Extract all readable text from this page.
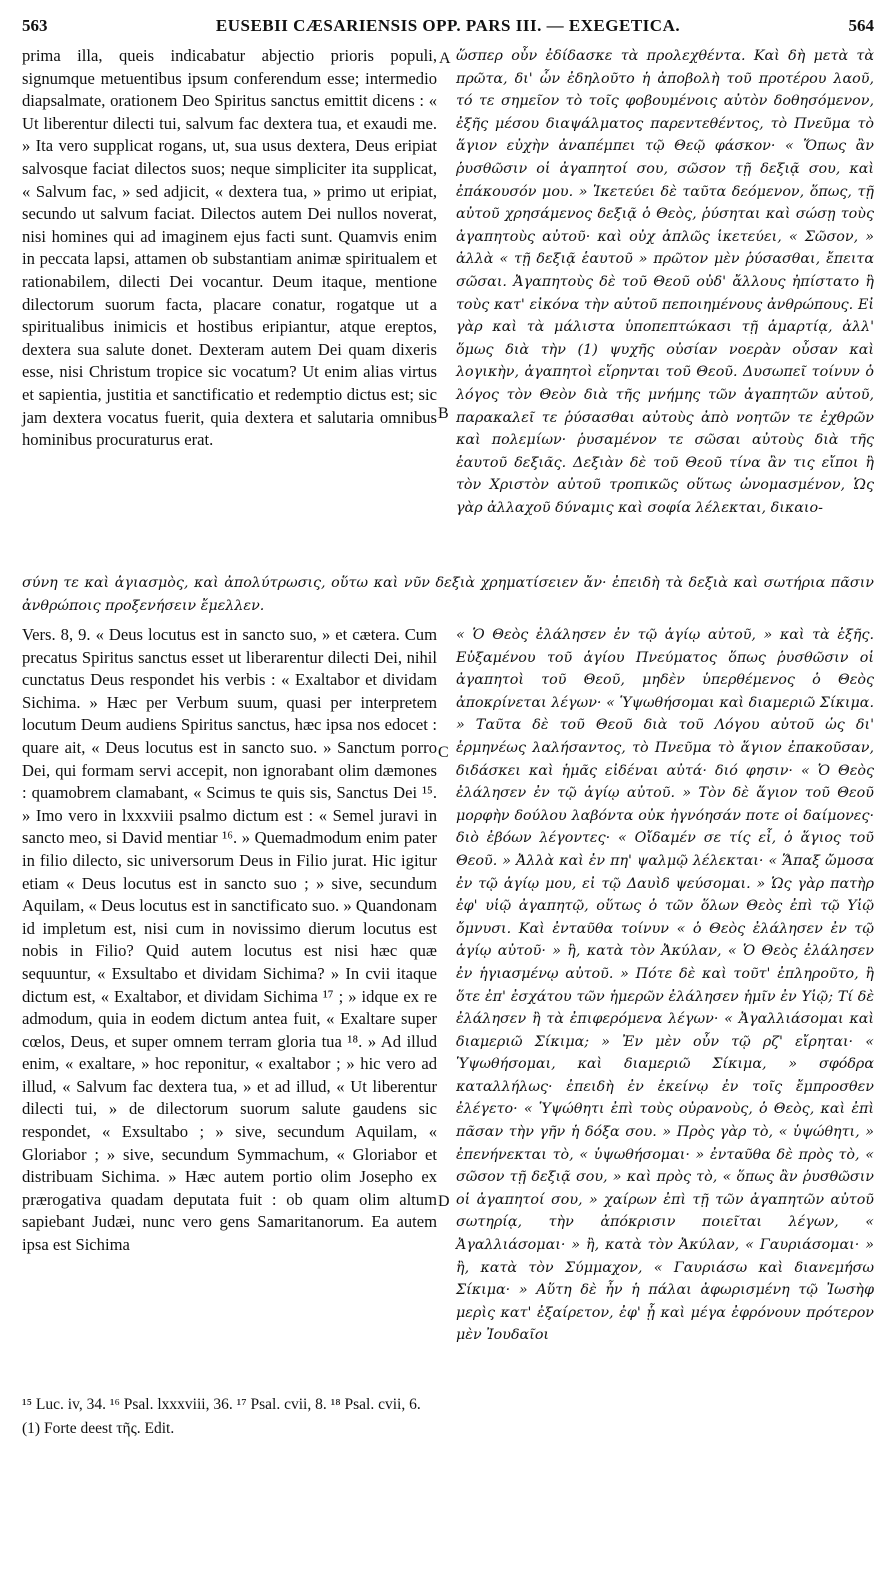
563	EUSEBII CÆSARIENSIS OPP. PARS III. — EXEGETICA.	564

prima illa, queis indicabatur abjectio prioris populi, signumque metuentibus ipsum conferendum esse; intermedio diapsalmate, orationem Deo Spiritus sanctus emittit dicens : « Ut liberentur dilecti tui, salvum fac dextera tua, et exaudi me. » Ita vero supplicat rogans, ut, sua usus dextera, Deus eripiat salvosque faciat dilectos suos; neque simpliciter ita supplicat, « Salvum fac, » sed adjicit, « dextera tua, » primo ut eripiat, secundo ut salvum faciat. Dilectos autem Dei nullos noverat, nisi homines qui ad imaginem ejus facti sunt. Quamvis enim in peccata lapsi, attamen ob substantiam animæ spiritualem et rationabilem, dilecti Dei vocantur. Deum itaque, mentione dilectorum suorum facta, placare conatur, rogatque ut a spiritualibus inimicis et hostibus eripiantur, atque ereptos, dextera sua salute donet. Dexteram autem Dei quam dixeris esse, nisi Christum tropice sic vocatum? Ut enim alias virtus et sapientia, justitia et sanctificatio et redemptio dictus est; sic jam dextera vocatus fuerit, quia dextera et salutaria omnibus hominibus procuraturus erat.

ὥσπερ οὖν ἐδίδασκε τὰ προλεχθέντα. Καὶ δὴ μετὰ τὰ πρῶτα, δι' ὧν ἐδηλοῦτο ἡ ἀποβολὴ τοῦ προτέρου λαοῦ, τό τε σημεῖον τὸ τοῖς φοβουμένοις αὐτὸν δοθησόμενον, ἐξῆς μέσου διαψάλματος παρεντεθέντος, τὸ Πνεῦμα τὸ ἅγιον εὐχὴν ἀναπέμπει τῷ Θεῷ φάσκον· « Ὅπως ἂν ῥυσθῶσιν οἱ ἀγαπητοί σου, σῶσον τῇ δεξιᾷ σου, καὶ ἐπάκουσόν μου. » Ἱκετεύει δὲ ταῦτα δεόμενον, ὅπως, τῇ αὐτοῦ χρησάμενος δεξιᾷ ὁ Θεὸς, ῥύσηται καὶ σώσῃ τοὺς ἀγαπητοὺς αὐτοῦ· καὶ οὐχ ἁπλῶς ἱκετεύει, « Σῶσον, » ἀλλὰ « τῇ δεξιᾷ ἑαυτοῦ » πρῶτον μὲν ῥύσασθαι, ἔπειτα σῶσαι. Ἀγαπητοὺς δὲ τοῦ Θεοῦ οὐδ' ἄλλους ἠπίστατο ἢ τοὺς κατ' εἰκόνα τὴν αὐτοῦ πεποιημένους ἀνθρώπους. Εἰ γὰρ καὶ τὰ μάλιστα ὑποπεπτώκασι τῇ ἁμαρτίᾳ, ἀλλ' ὅμως διὰ τὴν (1) ψυχῆς οὐσίαν νοερὰν οὖσαν καὶ λογικὴν, ἀγαπητοὶ εἴρηνται τοῦ Θεοῦ. Δυσωπεῖ τοίνυν ὁ λόγος τὸν Θεὸν διὰ τῆς μνήμης τῶν ἀγαπητῶν αὐτοῦ, παρακαλεῖ τε ῥύσασθαι αὐτοὺς ἀπὸ νοητῶν τε ἐχθρῶν καὶ πολεμίων· ῥυσαμένον τε σῶσαι αὐτοὺς διὰ τῆς ἑαυτοῦ δεξιᾶς. Δεξιὰν δὲ τοῦ Θεοῦ τίνα ἂν τις εἴποι ἢ τὸν Χριστὸν αὐτοῦ τροπικῶς οὕτως ὠνομασμένον, Ὡς γὰρ ἀλλαχοῦ δύναμις καὶ σοφία λέλεκται, δικαιο-

A
B
σύνη τε καὶ ἁγιασμὸς, καὶ ἀπολύτρωσις, οὕτω καὶ νῦν δεξιὰ χρηματίσειεν ἄν· ἐπειδὴ τὰ δεξιὰ καὶ σωτήρια πᾶσιν ἀνθρώποις προξενήσειν ἔμελλεν.

Vers. 8, 9. « Deus locutus est in sancto suo, » et cætera. Cum precatus Spiritus sanctus esset ut liberarentur dilecti Dei, nihil cunctatus Deus respondet his verbis : « Exaltabor et dividam Sichima. » Hæc per Verbum suum, quasi per interpretem locutum Deum audiens Spiritus sanctus, hæc ipsa nos edocet : quare ait, « Deus locutus est in sancto suo. » Sanctum porro Dei, qui formam servi accepit, non ignorabant olim dæmones : quamobrem clamabant, « Scimus te quis sis, Sanctus Dei ¹⁵. » Imo vero in lxxxviii psalmo dictum est : « Semel juravi in sancto meo, si David mentiar ¹⁶. » Quemadmodum enim pater in filio dilecto, sic universorum Deus in Filio jurat. Hic igitur etiam « Deus locutus est in sancto suo ; » sive, secundum Aquilam, « Deus locutus est in sanctificato suo. » Quandonam id impletum est, nisi cum in novissimo dierum locutus est nobis in Filio? Quid autem locutus est nisi hæc quæ sequuntur, « Exsultabo et dividam Sichima? » In cvii itaque dictum est, « Exaltabor, et dividam Sichima ¹⁷ ; » idque ex re admodum, quia in eodem dictum antea fuit, « Exaltare super cœlos, Deus, et super omnem terram gloria tua ¹⁸. » Ad illud enim, « exaltare, » hoc reponitur, « exaltabor ; » hic vero ad illud, « Salvum fac dextera tua, » et ad illud, « Ut liberentur dilecti tui, » de dilectorum suorum salute gaudens sic respondet, « Exsultabo ; » sive, secundum Aquilam, « Gloriabor ; » sive, secundum Symmachum, « Gloriabor et distribuam Sichima. » Hæc autem portio olim Josepho ex prærogativa quadam deputata fuit : ob quam olim altum sapiebant Judæi, nunc vero gens Samaritanorum. Ea autem ipsa est Sichima

« Ὁ Θεὸς ἐλάλησεν ἐν τῷ ἁγίῳ αὐτοῦ, » καὶ τὰ ἑξῆς. Εὐξαμένου τοῦ ἁγίου Πνεύματος ὅπως ῥυσθῶσιν οἱ ἀγαπητοὶ τοῦ Θεοῦ, μηδὲν ὑπερθέμενος ὁ Θεὸς ἀποκρίνεται λέγων· « Ὑψωθήσομαι καὶ διαμεριῶ Σίκιμα. » Ταῦτα δὲ τοῦ Θεοῦ διὰ τοῦ Λόγου αὐτοῦ ὡς δι' ἑρμηνέως λαλήσαντος, τὸ Πνεῦμα τὸ ἅγιον ἐπακοῦσαν, διδάσκει καὶ ἡμᾶς εἰδέναι αὐτά· διό φησιν· « Ὁ Θεὸς ἐλάλησεν ἐν τῷ ἁγίῳ αὐτοῦ. » Τὸν δὲ ἅγιον τοῦ Θεοῦ μορφὴν δούλου λαβόντα οὐκ ἠγνόησάν ποτε οἱ δαίμονες· διὸ ἐβόων λέγοντες· « Οἴδαμέν σε τίς εἶ, ὁ ἅγιος τοῦ Θεοῦ. » Ἀλλὰ καὶ ἐν πη' ψαλμῷ λέλεκται· « Ἅπαξ ὤμοσα ἐν τῷ ἁγίῳ μου, εἰ τῷ Δαυὶδ ψεύσομαι. » Ὡς γὰρ πατὴρ ἐφ' υἱῷ ἀγαπητῷ, οὕτως ὁ τῶν ὅλων Θεὸς ἐπὶ τῷ Υἱῷ ὄμνυσι. Καὶ ἐνταῦθα τοίνυν « ὁ Θεὸς ἐλάλησεν ἐν τῷ ἁγίῳ αὐτοῦ· » ἢ, κατὰ τὸν Ἀκύλαν, « Ὁ Θεὸς ἐλάλησεν ἐν ἡγιασμένῳ αὐτοῦ. » Πότε δὲ καὶ τοῦτ' ἐπληροῦτο, ἢ ὅτε ἐπ' ἐσχάτου τῶν ἡμερῶν ἐλάλησεν ἡμῖν ἐν Υἱῷ; Τί δὲ ἐλάλησεν ἢ τὰ ἐπιφερόμενα λέγων· « Ἀγαλλιάσομαι καὶ διαμεριῶ Σίκιμα; » Ἐν μὲν οὖν τῷ ρζ' εἴρηται· « Ὑψωθήσομαι, καὶ διαμεριῶ Σίκιμα, » σφόδρα καταλλήλως· ἐπειδὴ ἐν ἐκείνῳ ἐν τοῖς ἔμπροσθεν ἐλέγετο· « Ὑψώθητι ἐπὶ τοὺς οὐρανοὺς, ὁ Θεὸς, καὶ ἐπὶ πᾶσαν τὴν γῆν ἡ δόξα σου. » Πρὸς γὰρ τὸ, « ὑψώθητι, » ἐπενήνεκται τὸ, « ὑψωθήσομαι· » ἐνταῦθα δὲ πρὸς τὸ, « σῶσον τῇ δεξιᾷ σου, » καὶ πρὸς τὸ, « ὅπως ἂν ῥυσθῶσιν οἱ ἀγαπητοί σου, » χαίρων ἐπὶ τῇ τῶν ἀγαπητῶν αὐτοῦ σωτηρίᾳ, τὴν ἀπόκρισιν ποιεῖται λέγων, « Ἀγαλλιάσομαι· » ἢ, κατὰ τὸν Ἀκύλαν, « Γαυριάσομαι· » ἢ, κατὰ τὸν Σύμμαχον, « Γαυριάσω καὶ διανεμήσω Σίκιμα· » Αὕτη δὲ ἦν ἡ πάλαι ἀφωρισμένη τῷ Ἰωσὴφ μερὶς κατ' ἐξαίρετον, ἐφ' ᾗ καὶ μέγα ἐφρόνουν πρότερον μὲν Ἰουδαῖοι

C
D
¹⁵ Luc. iv, 34. ¹⁶ Psal. lxxxviii, 36. ¹⁷ Psal. cvii, 8. ¹⁸ Psal. cvii, 6.
(1) Forte deest τῆς. Edit.
